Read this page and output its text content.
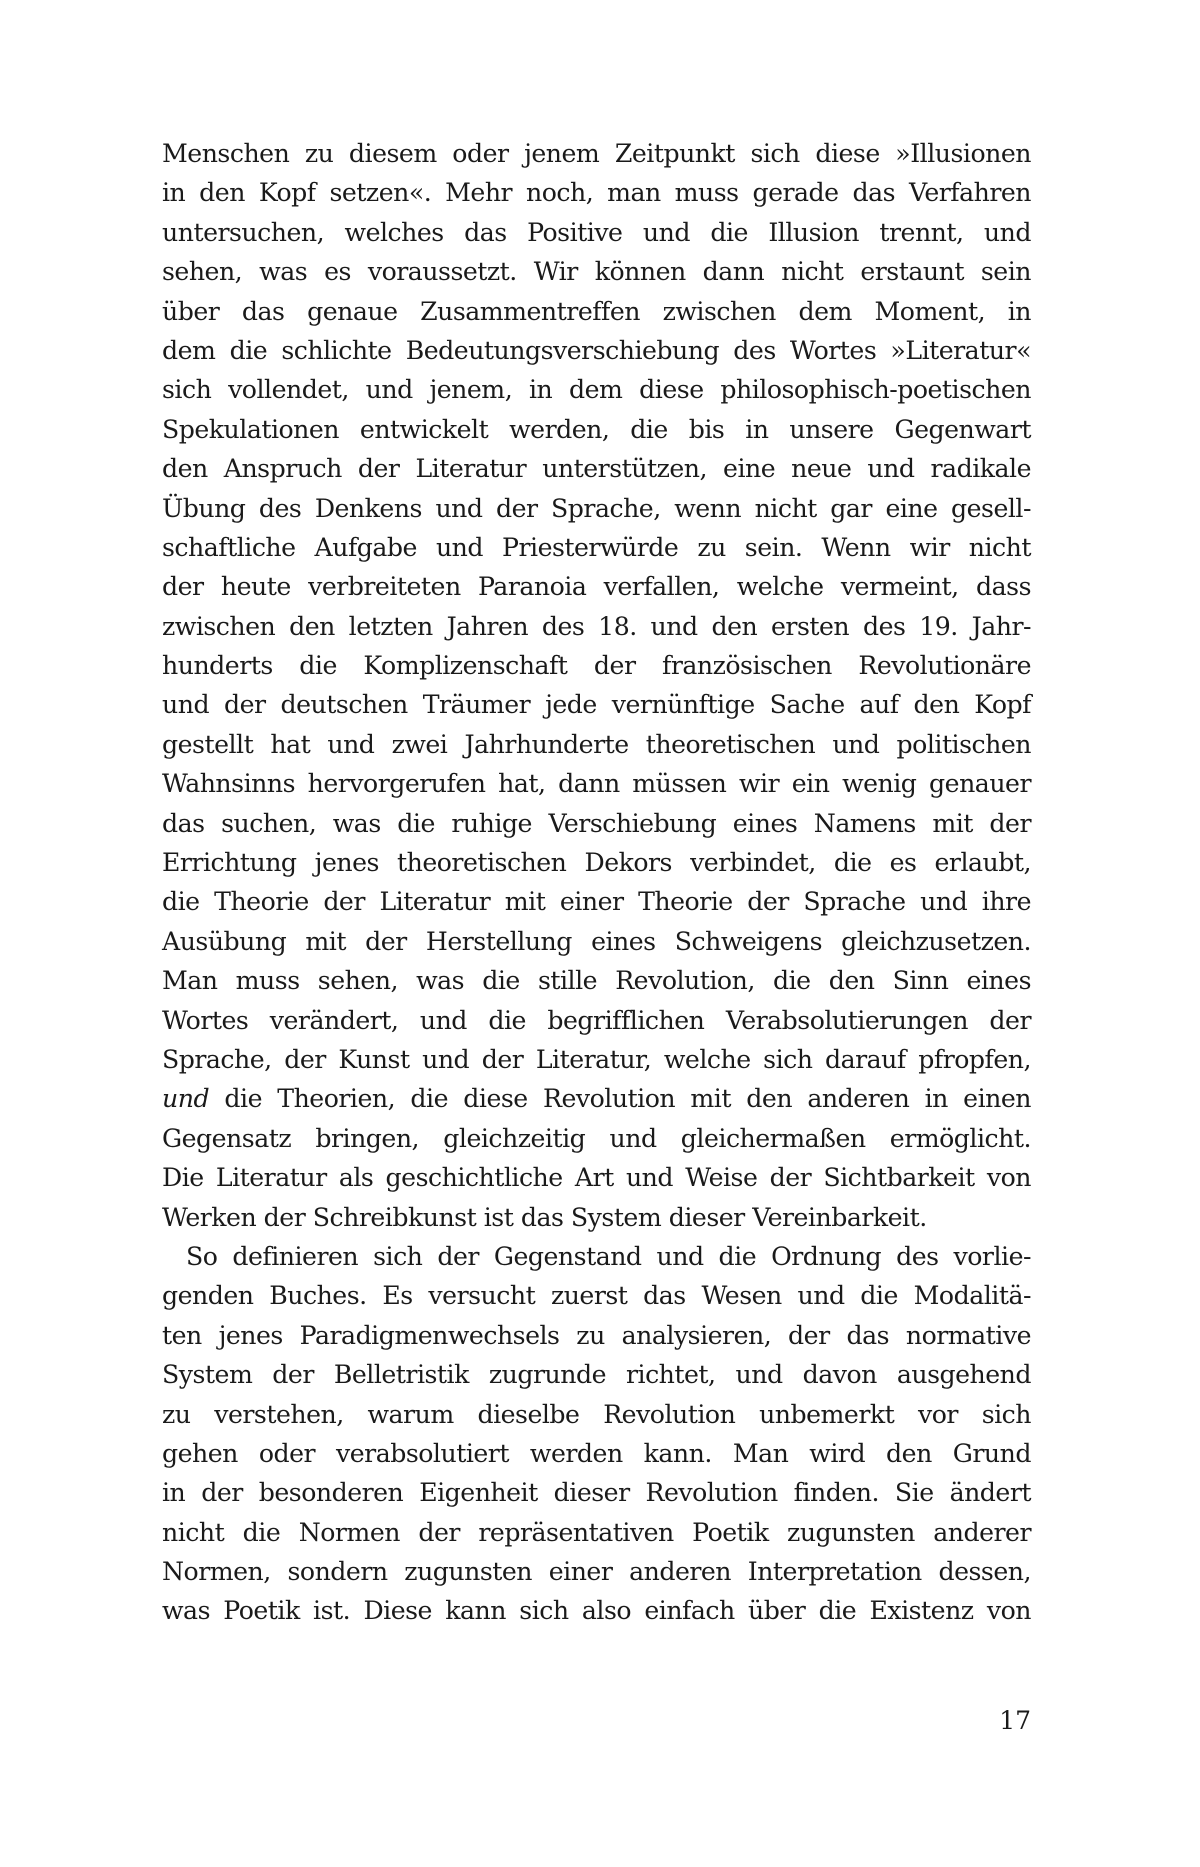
Menschen zu diesem oder jenem Zeitpunkt sich diese »Illusionen
in den Kopf setzen«. Mehr noch, man muss gerade das Verfahren
untersuchen, welches das Positive und die Illusion trennt, und
sehen, was es voraussetzt. Wir können dann nicht erstaunt sein
über das genaue Zusammentreffen zwischen dem Moment, in
dem die schlichte Bedeutungsverschiebung des Wortes »Literatur«
sich vollendet, und jenem, in dem diese philosophisch-poetischen
Spekulationen entwickelt werden, die bis in unsere Gegenwart
den Anspruch der Literatur unterstützen, eine neue und radikale
Übung des Denkens und der Sprache, wenn nicht gar eine gesell-
schaftliche Aufgabe und Priesterwürde zu sein. Wenn wir nicht
der heute verbreiteten Paranoia verfallen, welche vermeint, dass
zwischen den letzten Jahren des 18. und den ersten des 19. Jahr-
hunderts die Komplizenschaft der französischen Revolutionäre
und der deutschen Träumer jede vernünftige Sache auf den Kopf
gestellt hat und zwei Jahrhunderte theoretischen und politischen
Wahnsinns hervorgerufen hat, dann müssen wir ein wenig genauer
das suchen, was die ruhige Verschiebung eines Namens mit der
Errichtung jenes theoretischen Dekors verbindet, die es erlaubt,
die Theorie der Literatur mit einer Theorie der Sprache und ihre
Ausübung mit der Herstellung eines Schweigens gleichzusetzen.
Man muss sehen, was die stille Revolution, die den Sinn eines
Wortes verändert, und die begrifflichen Verabsolutierungen der
Sprache, der Kunst und der Literatur, welche sich darauf pfropfen,
und die Theorien, die diese Revolution mit den anderen in einen
Gegensatz bringen, gleichzeitig und gleichermaßen ermöglicht.
Die Literatur als geschichtliche Art und Weise der Sichtbarkeit von
Werken der Schreibkunst ist das System dieser Vereinbarkeit.
So definieren sich der Gegenstand und die Ordnung des vorlie-
genden Buches. Es versucht zuerst das Wesen und die Modalitä-
ten jenes Paradigmenwechsels zu analysieren, der das normative
System der Belletristik zugrunde richtet, und davon ausgehend
zu verstehen, warum dieselbe Revolution unbemerkt vor sich
gehen oder verabsolutiert werden kann. Man wird den Grund
in der besonderen Eigenheit dieser Revolution finden. Sie ändert
nicht die Normen der repräsentativen Poetik zugunsten anderer
Normen, sondern zugunsten einer anderen Interpretation dessen,
was Poetik ist. Diese kann sich also einfach über die Existenz von
17
